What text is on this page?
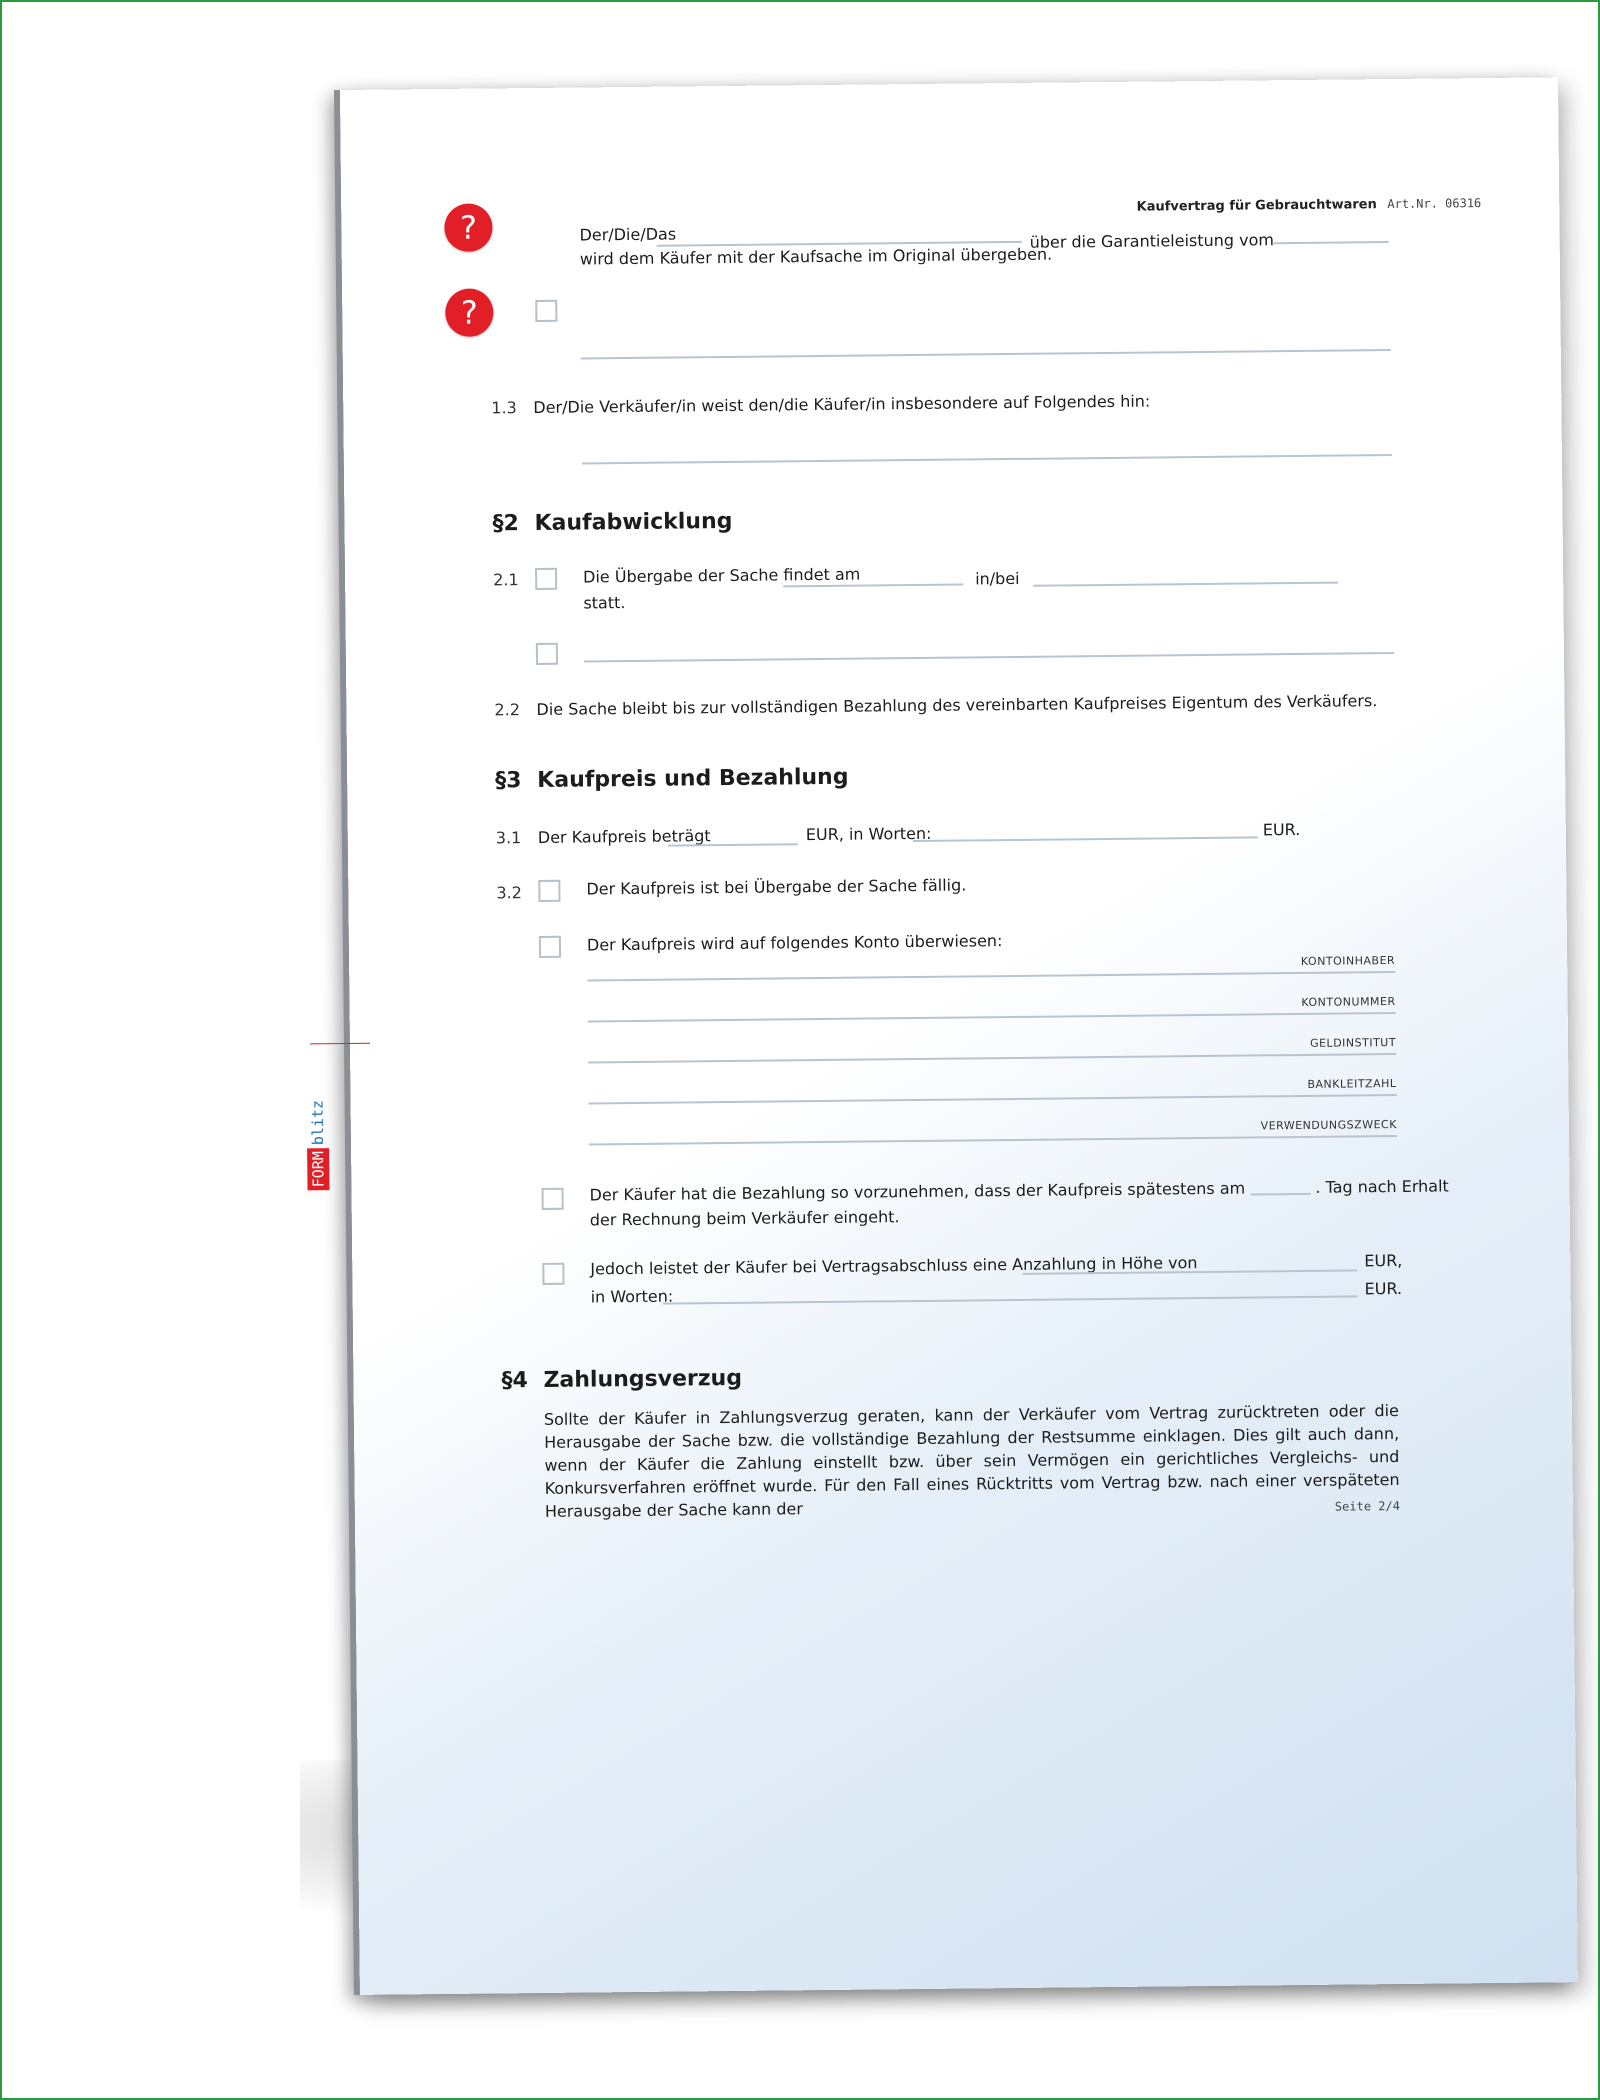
Kaufvertrag für Gebrauchtwaren Art.Nr. 06316
?
?
Der/Die/Das	über die Garantieleistung vom
wird dem Käufer mit der Kaufsache im Original übergeben.
1.3 Der/Die Verkäufer/in weist den/die Käufer/in insbesondere auf Folgendes hin:
§2 Kaufabwicklung
2.1	Die Übergabe der Sache findet am	in/bei
statt.
2.2 Die Sache bleibt bis zur vollständigen Bezahlung des vereinbarten Kaufpreises Eigentum des Verkäufers.
§3 Kaufpreis und Bezahlung
3.1 Der Kaufpreis beträgt	EUR, in Worten:	EUR.
3.2	Der Kaufpreis ist bei Übergabe der Sache fällig.
Der Kaufpreis wird auf folgendes Konto überwiesen:
KONTOINHABER
KONTONUMMER
GELDINSTITUT
BANKLEITZAHL
VERWENDUNGSZWECK
Der Käufer hat die Bezahlung so vorzunehmen, dass der Kaufpreis spätestens am	. Tag nach Erhalt
der Rechnung beim Verkäufer eingeht.
Jedoch leistet der Käufer bei Vertragsabschluss eine Anzahlung in Höhe von	EUR,
in Worten:	EUR.
§4 Zahlungsverzug
Sollte der Käufer in Zahlungsverzug geraten, kann der Verkäufer vom Vertrag zurücktreten oder die Herausgabe der Sache bzw. die vollständige Bezahlung der Restsumme einklagen. Dies gilt auch dann, wenn der Käufer die Zahlung einstellt bzw. über sein Vermögen ein gerichtliches Vergleichs- und Konkursverfahren eröffnet wurde. Für den Fall eines Rücktritts vom Vertrag bzw. nach einer verspäteten Herausgabe der Sache kann der	Seite 2/4
FORM
blitz
